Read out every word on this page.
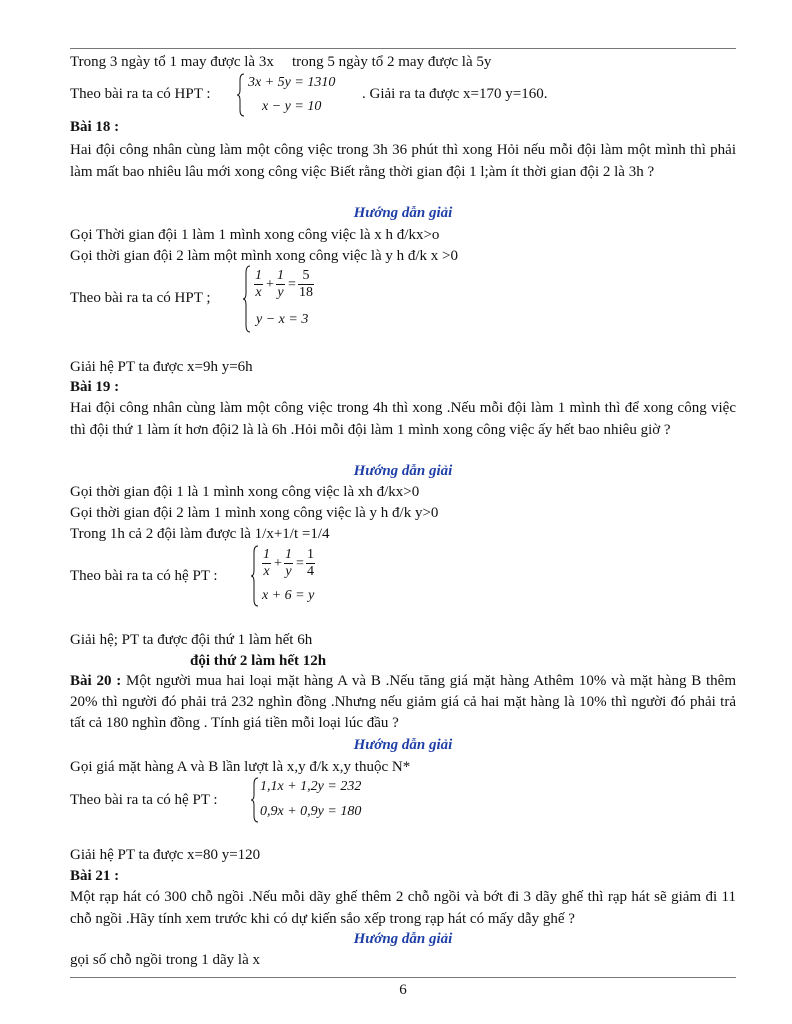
Trong 3 ngày tổ 1 may được là 3x trong 5 ngày tổ 2 may được là 5y
Theo bài ra ta có HPT :
3x + 5y = 1310
x − y = 10
. Giải ra ta được x=170 y=160.
Bài 18 :
Hai đội công nhân cùng làm một công việc trong 3h 36 phút thì xong Hỏi nếu mỗi đội làm một mình thì phải làm mất bao nhiêu lâu mới xong công việc Biết rằng thời gian đội 1 l;àm ít thời gian đội 2 là 3h ?
Hướng dẫn giải
Gọi Thời gian đội 1 làm 1 mình xong công việc là x h đ/kx>o
Gọi thời gian đội 2 làm một mình xong công việc là y h đ/k x >0
Theo bài ra ta có HPT ;	$\frac{1}{x} + \frac{1}{y} = \frac{5}{18}$
y − x = 3
Giải hệ PT ta được x=9h y=6h
Bài 19 :
Hai đội công nhân cùng làm một công việc trong 4h thì xong .Nếu mỗi đội làm 1 mình thì để xong công việc thì đội thứ 1 làm ít hơn đội2 là là 6h .Hỏi mỗi đội làm 1 mình xong công việc ấy hết bao nhiêu giờ ?
Hướng dẫn giải
Gọi thời gian đội 1 là 1 mình xong công việc là xh đ/kx>0
Gọi thời gian đội 2 làm 1 mình xong công việc là y h đ/k y>0
Trong 1h cả 2 đội làm được là 1/x+1/t =1/4
Theo bài ra ta có hệ PT :	$\frac{1}{x} + \frac{1}{y} = \frac{1}{4}$
x + 6 = y
Giải hệ; PT ta được đội thứ 1 làm hết 6h
đội thứ 2 làm hết 12h
Bài 20 : Một người mua hai loại mặt hàng A và B .Nếu tăng giá mặt hàng Athêm 10% và mặt hàng B thêm 20% thì người đó phải trả 232 nghìn đồng .Nhưng nếu giảm giá cả hai mặt hàng là 10% thì người đó phải trả tất cả 180 nghìn đồng . Tính giá tiền mỗi loại lúc đầu ?
Hướng dẫn giải
Gọi giá mặt hàng A và B lần lượt là x,y đ/k x,y thuộc N*
Theo bài ra ta có hệ PT :
1,1x + 1,2y = 232
0,9x + 0,9y = 180
Giải hệ PT ta được x=80 y=120
Bài 21 :
Một rạp hát có 300 chỗ ngồi .Nếu mỗi dãy ghế thêm 2 chỗ ngồi và bớt đi 3 dãy ghế thì rạp hát sẽ giảm đi 11 chỗ ngồi .Hãy tính xem trước khi có dự kiến sắo xếp trong rạp hát có mấy dẫy ghế ?
Hướng dẫn giải
gọi số chỗ ngồi trong 1 dãy là x
6
